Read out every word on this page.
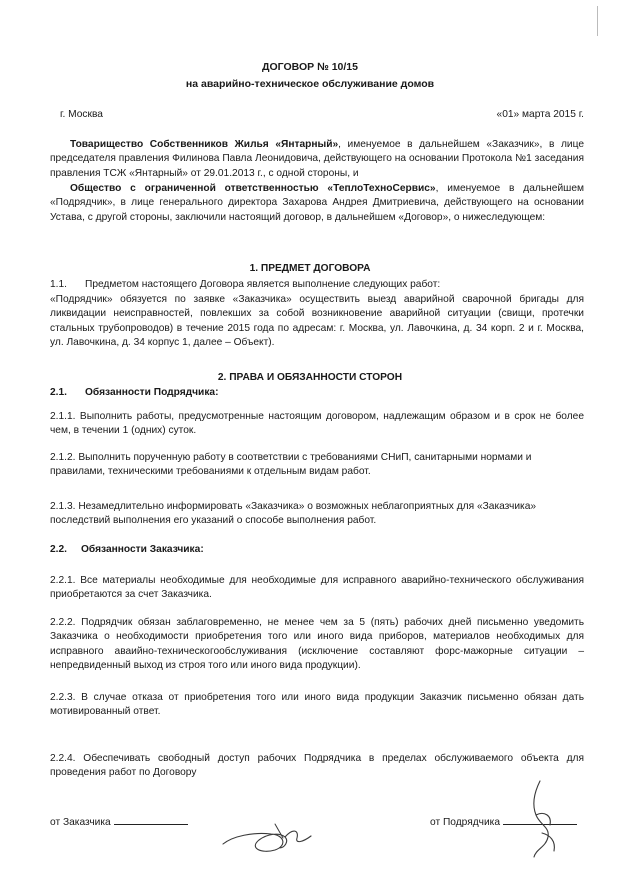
ДОГОВОР № 10/15
на аварийно-техническое обслуживание домов
г. Москва	«01» марта 2015 г.
Товарищество Собственников Жилья «Янтарный», именуемое в дальнейшем «Заказчик», в лице председателя правления Филинова Павла Леонидовича, действующего на основании Протокола №1 заседания правления ТСЖ «Янтарный» от 29.01.2013 г., с одной стороны, и
Общество с ограниченной ответственностью «ТеплоТехноСервис», именуемое в дальнейшем «Подрядчик», в лице генерального директора Захарова Андрея Дмитриевича, действующего на основании Устава, с другой стороны, заключили настоящий договор, в дальнейшем «Договор», о нижеследующем:
1. ПРЕДМЕТ ДОГОВОРА
1.1. Предметом настоящего Договора является выполнение следующих работ:
«Подрядчик» обязуется по заявке «Заказчика» осуществить выезд аварийной сварочной бригады для ликвидации неисправностей, повлекших за собой возникновение аварийной ситуации (свищи, протечки стальных трубопроводов) в течение 2015 года по адресам: г. Москва, ул. Лавочкина, д. 34 корп. 2 и г. Москва, ул. Лавочкина, д. 34 корпус 1, далее – Объект).
2. ПРАВА И ОБЯЗАННОСТИ СТОРОН
2.1. Обязанности Подрядчика:
2.1.1. Выполнить работы, предусмотренные настоящим договором, надлежащим образом и в срок не более чем, в течении 1 (одних) суток.
2.1.2. Выполнить порученную работу в соответствии с требованиями СНиП, санитарными нормами и правилами, техническими требованиями к отдельным видам работ.
2.1.3. Незамедлительно информировать «Заказчика» о возможных неблагоприятных для «Заказчика» последствий выполнения его указаний о способе выполнения работ.
2.2. Обязанности Заказчика:
2.2.1. Все материалы необходимые для необходимые для исправного аварийно-технического обслуживания приобретаются за счет Заказчика.
2.2.2. Подрядчик обязан заблаговременно, не менее чем за 5 (пять) рабочих дней письменно уведомить Заказчика о необходимости приобретения того или иного вида приборов, материалов необходимых для исправного аваийно-техническогообслуживания (исключение составляют форс-мажорные ситуации – непредвиденный выход из строя того или иного вида продукции).
2.2.3. В случае отказа от приобретения того или иного вида продукции Заказчик письменно обязан дать мотивированный ответ.
2.2.4. Обеспечивать свободный доступ рабочих Подрядчика в пределах обслуживаемого объекта для проведения работ по Договору
от Заказчика	от Подрядчика
